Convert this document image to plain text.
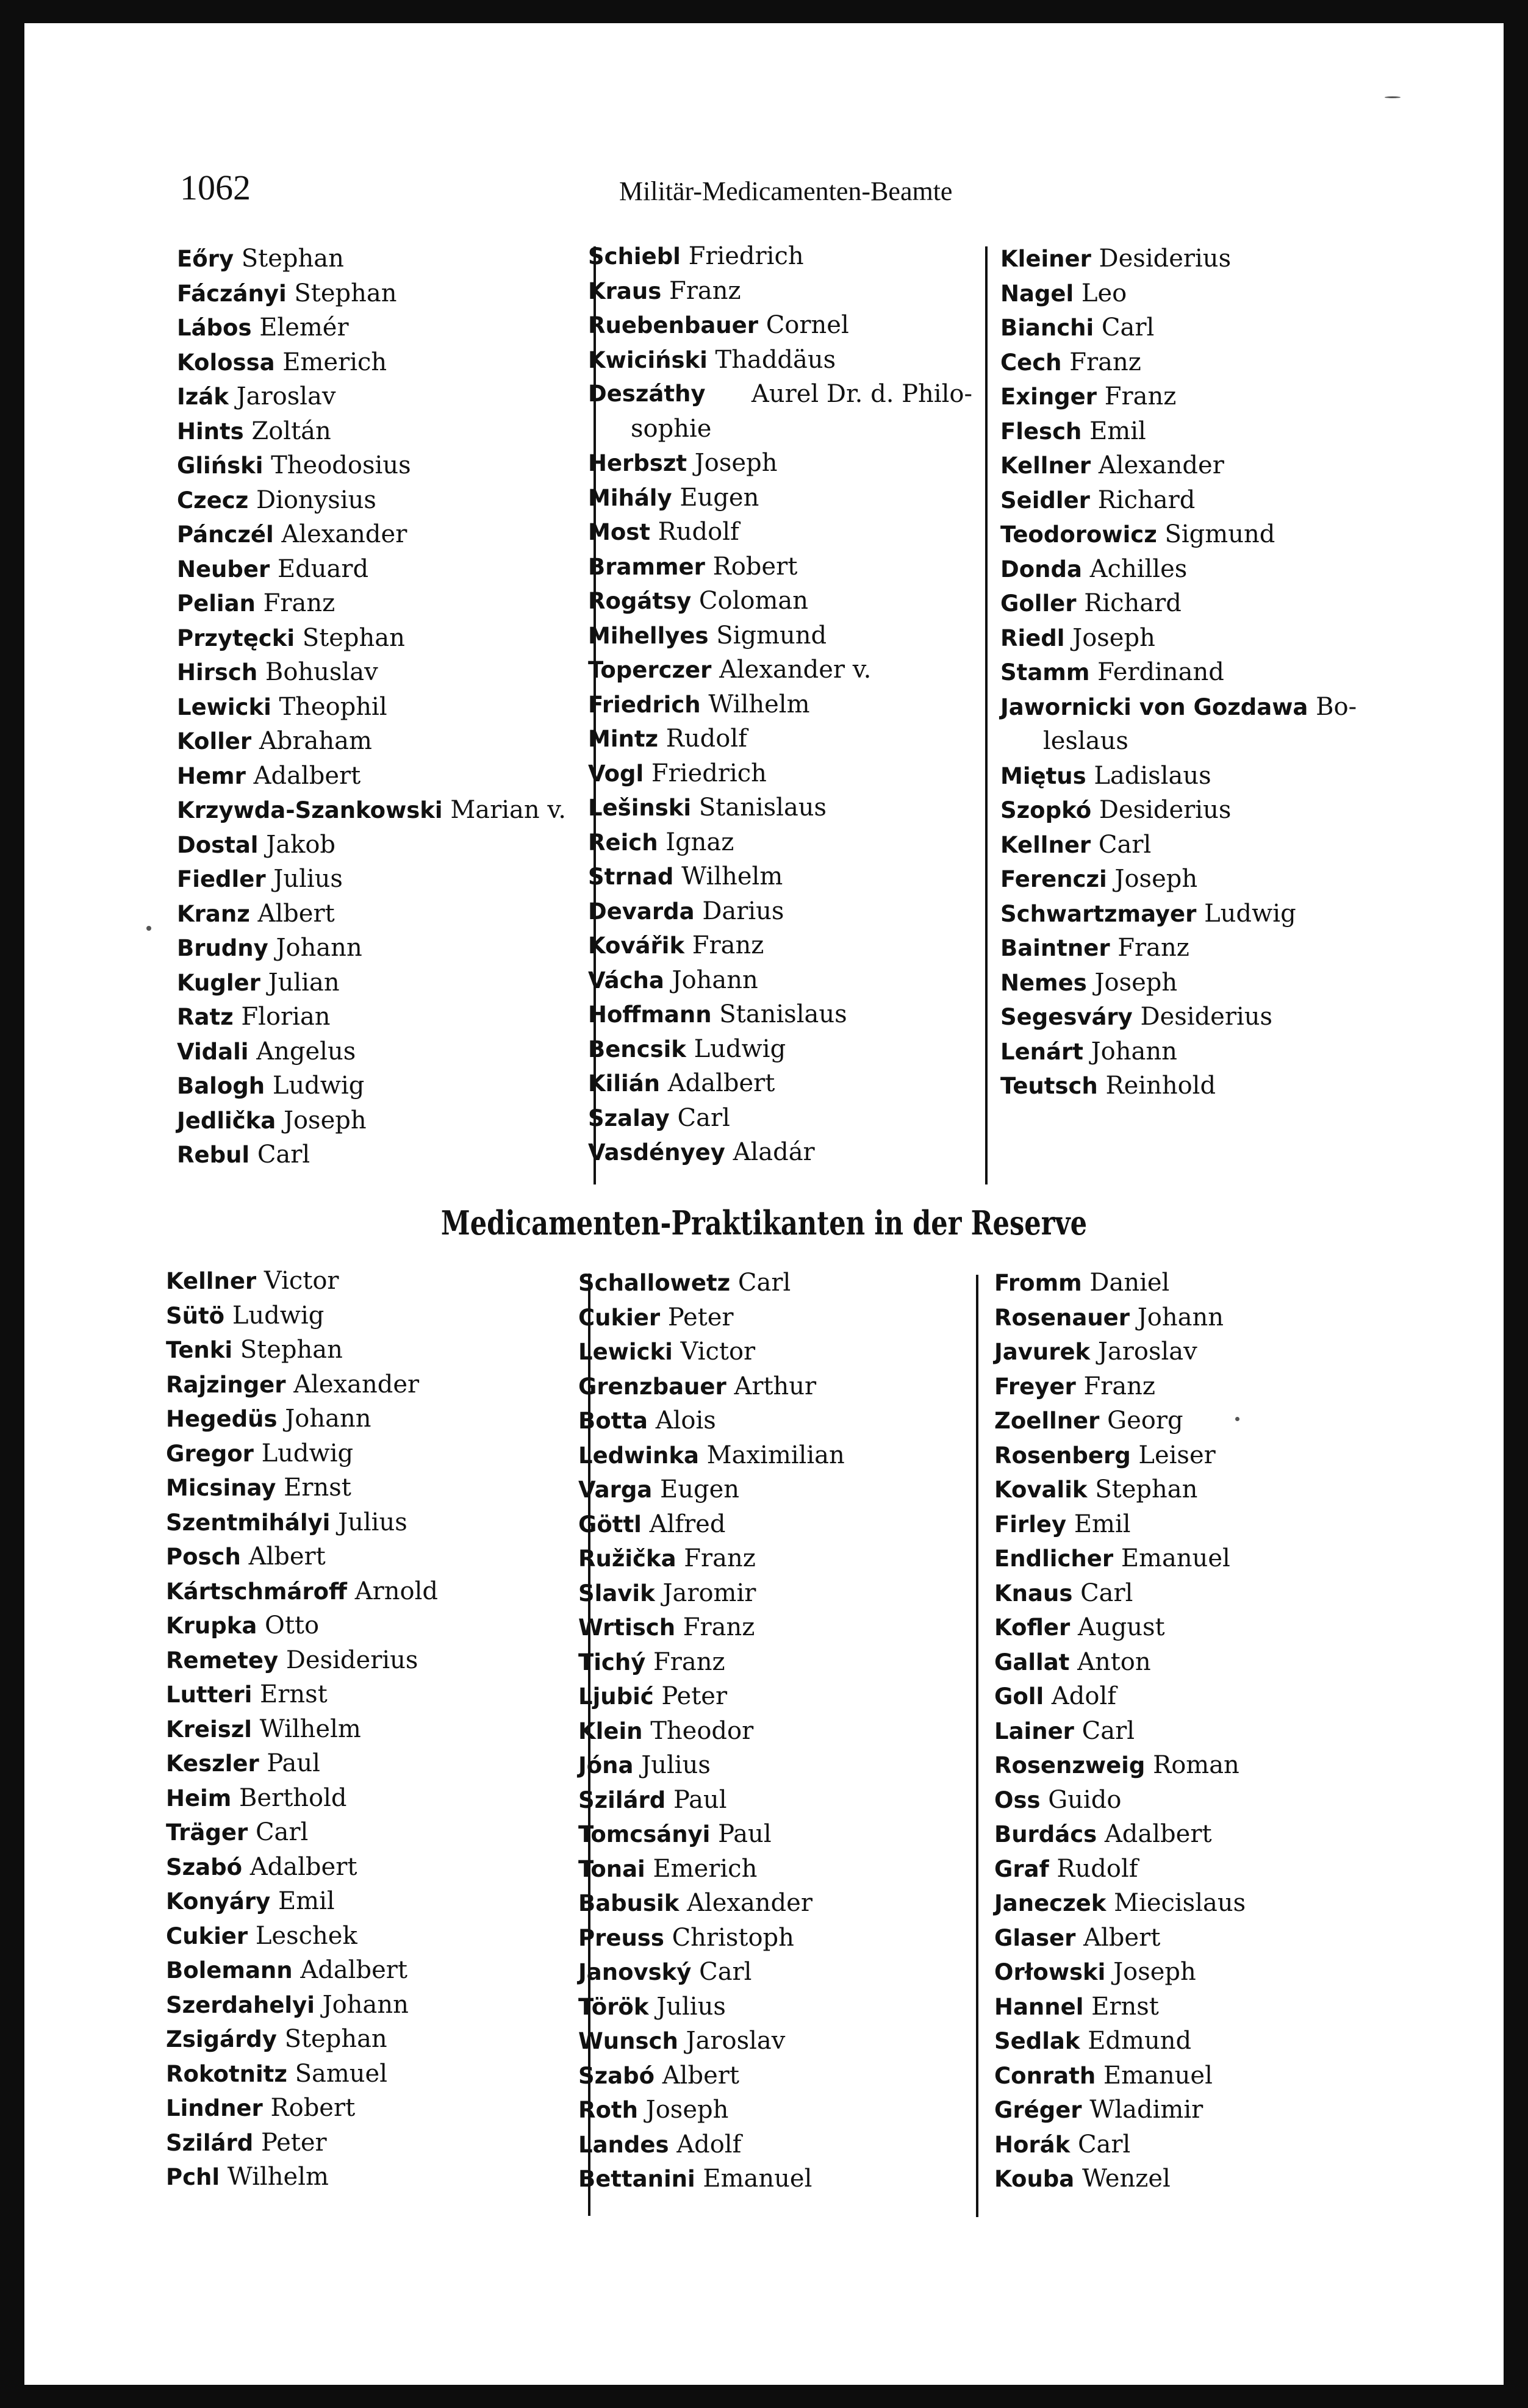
1062	Militär-Medicamenten-Beamte
Eőry Stephan
Fáczányi Stephan
Lábos Elemér
Kolossa Emerich
Izák Jaroslav
Hints Zoltán
Gliński Theodosius
Czecz Dionysius
Pánczél Alexander
Neuber Eduard
Pelian Franz
Przytęcki Stephan
Hirsch Bohuslav
Lewicki Theophil
Koller Abraham
Hemr Adalbert
Krzywda-Szankowski Marian v.
Dostal Jakob
Fiedler Julius
Kranz Albert
Brudny Johann
Kugler Julian
Ratz Florian
Vidali Angelus
Balogh Ludwig
Jedlička Joseph
Rebul Carl
Schiebl Friedrich
Kraus Franz
Ruebenbauer Cornel
Kwiciński Thaddäus
Deszáthy Aurel Dr. d. Philo-
sophie
Herbszt Joseph
Mihály Eugen
Most Rudolf
Brammer Robert
Rogátsy Coloman
Mihellyes Sigmund
Toperczer Alexander v.
Friedrich Wilhelm
Mintz Rudolf
Vogl Friedrich
Lešinski Stanislaus
Reich Ignaz
Strnad Wilhelm
Devarda Darius
Kovářik Franz
Vácha Johann
Hoffmann Stanislaus
Bencsik Ludwig
Kilián Adalbert
Szalay Carl
Vasdényey Aladár
Kleiner Desiderius
Nagel Leo
Bianchi Carl
Cech Franz
Exinger Franz
Flesch Emil
Kellner Alexander
Seidler Richard
Teodorowicz Sigmund
Donda Achilles
Goller Richard
Riedl Joseph
Stamm Ferdinand
Jawornicki von Gozdawa Bo-
leslaus
Miętus Ladislaus
Szopkó Desiderius
Kellner Carl
Ferenczi Joseph
Schwartzmayer Ludwig
Baintner Franz
Nemes Joseph
Segesváry Desiderius
Lenárt Johann
Teutsch Reinhold
Medicamenten-Praktikanten in der Reserve
Kellner Victor
Sütö Ludwig
Tenki Stephan
Rajzinger Alexander
Hegedüs Johann
Gregor Ludwig
Micsinay Ernst
Szentmihályi Julius
Posch Albert
Kártschmároff Arnold
Krupka Otto
Remetey Desiderius
Lutteri Ernst
Kreiszl Wilhelm
Keszler Paul
Heim Berthold
Träger Carl
Szabó Adalbert
Konyáry Emil
Cukier Leschek
Bolemann Adalbert
Szerdahelyi Johann
Zsigárdy Stephan
Rokotnitz Samuel
Lindner Robert
Szilárd Peter
Pchl Wilhelm
Schallowetz Carl
Cukier Peter
Lewicki Victor
Grenzbauer Arthur
Botta Alois
Ledwinka Maximilian
Varga Eugen
Göttl Alfred
Ružička Franz
Slavik Jaromir
Wrtisch Franz
Tichý Franz
Ljubić Peter
Klein Theodor
Jóna Julius
Szilárd Paul
Tomcsányi Paul
Tonai Emerich
Babusik Alexander
Preuss Christoph
Janovský Carl
Török Julius
Wunsch Jaroslav
Szabó Albert
Roth Joseph
Landes Adolf
Bettanini Emanuel
Fromm Daniel
Rosenauer Johann
Javurek Jaroslav
Freyer Franz
Zoellner Georg
Rosenberg Leiser
Kovalik Stephan
Firley Emil
Endlicher Emanuel
Knaus Carl
Kofler August
Gallat Anton
Goll Adolf
Lainer Carl
Rosenzweig Roman
Oss Guido
Burdács Adalbert
Graf Rudolf
Janeczek Miecislaus
Glaser Albert
Orłowski Joseph
Hannel Ernst
Sedlak Edmund
Conrath Emanuel
Gréger Wladimir
Horák Carl
Kouba Wenzel
